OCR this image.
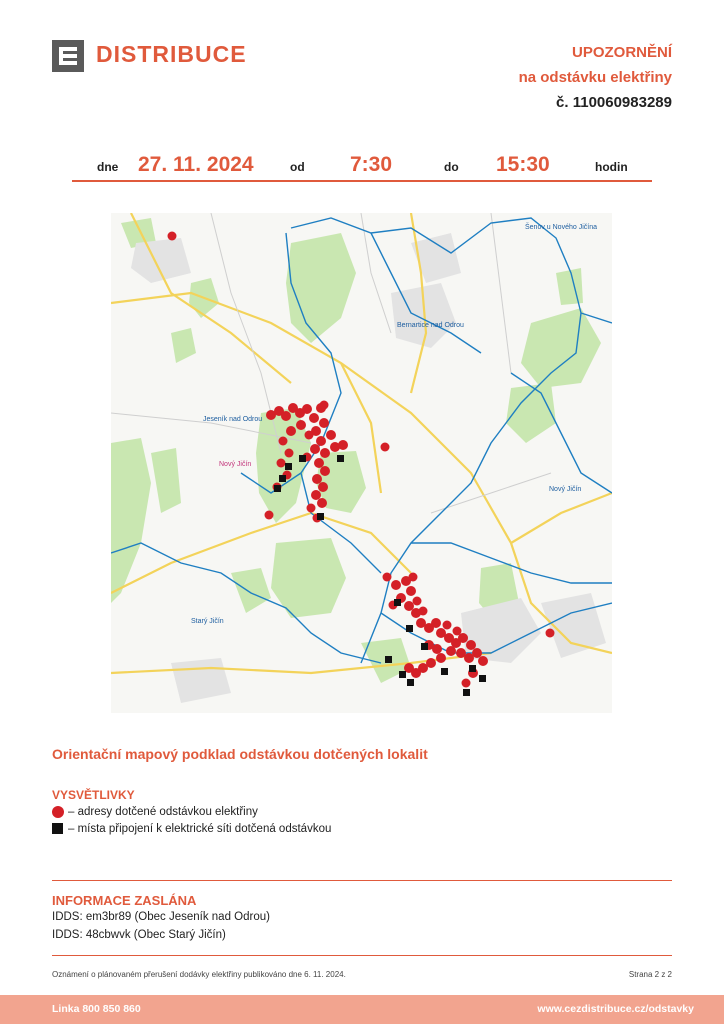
DISTRIBUCE	UPOZORNĚNÍ
na odstávku elektřiny
č. 110060983289
dne 27. 11. 2024	od 7:30	do 15:30	hodin
Šenov u Nového Jičína
Bernartice nad Odrou
Jeseník nad Odrou
Nový Jičín
Nový Jičín
Starý Jičín
Orientační mapový podklad odstávkou dotčených lokalit
VYSVĚTLIVKY
– adresy dotčené odstávkou elektřiny
– místa připojení k elektrické síti dotčená odstávkou
INFORMACE ZASLÁNA
IDDS: em3br89 (Obec Jeseník nad Odrou)
IDDS: 48cbwvk (Obec Starý Jičín)
Oznámení o plánovaném přerušení dodávky elektřiny publikováno dne 6. 11. 2024.	Strana 2 z 2
Linka 800 850 860	www.cezdistribuce.cz/odstavky
